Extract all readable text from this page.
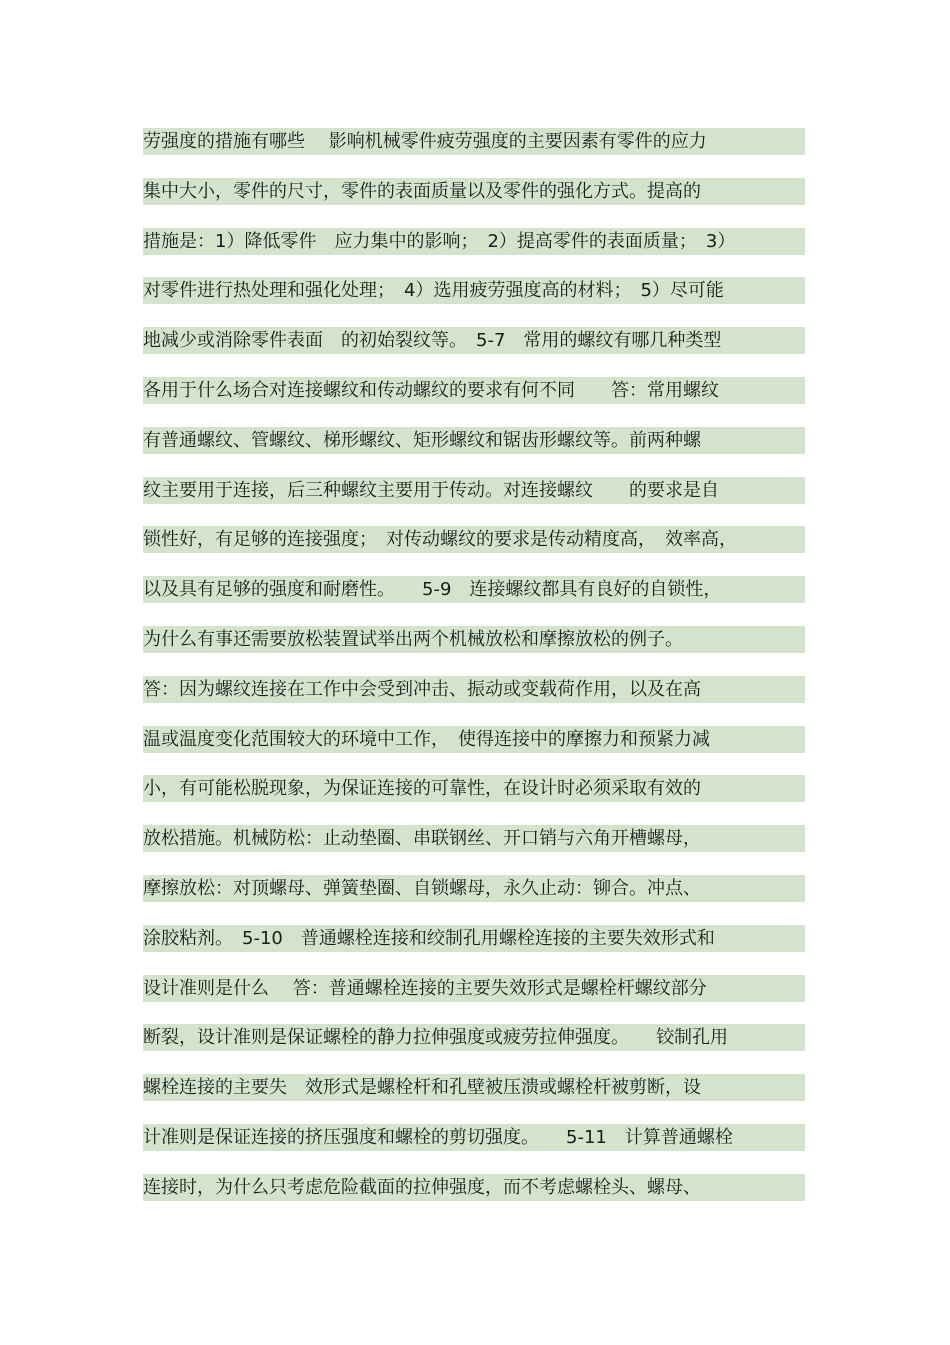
劳强度的措施有哪些　 影响机械零件疲劳强度的主要因素有零件的应力
集中大小，零件的尺寸，零件的表面质量以及零件的强化方式。提高的
措施是：1）降低零件　应力集中的影响；　2）提高零件的表面质量；　3）
对零件进行热处理和强化处理；　4）选用疲劳强度高的材料；　5）尽可能
地减少或消除零件表面　的初始裂纹等。　5-7　常用的螺纹有哪几种类型
各用于什么场合对连接螺纹和传动螺纹的要求有何不同　　答：常用螺纹
有普通螺纹、管螺纹、梯形螺纹、矩形螺纹和锯齿形螺纹等。前两种螺
纹主要用于连接，后三种螺纹主要用于传动。对连接螺纹　　的要求是自
锁性好，有足够的连接强度；　对传动螺纹的要求是传动精度高，　效率高，
以及具有足够的强度和耐磨性。　　5-9　连接螺纹都具有良好的自锁性，
为什么有事还需要放松装置试举出两个机械放松和摩擦放松的例子。
答：因为螺纹连接在工作中会受到冲击、振动或变载荷作用，以及在高
温或温度变化范围较大的环境中工作，　使得连接中的摩擦力和预紧力减
小，有可能松脱现象，为保证连接的可靠性，在设计时必须采取有效的
放松措施。机械防松：止动垫圈、串联钢丝、开口销与六角开槽螺母，
摩擦放松：对顶螺母、弹簧垫圈、自锁螺母，永久止动：铆合。冲点、
涂胶粘剂。　5-10　普通螺栓连接和绞制孔用螺栓连接的主要失效形式和
设计准则是什么　 答：普通螺栓连接的主要失效形式是螺栓杆螺纹部分
断裂，设计准则是保证螺栓的静力拉伸强度或疲劳拉伸强度。　　铰制孔用
螺栓连接的主要失　效形式是螺栓杆和孔壁被压溃或螺栓杆被剪断，设
计准则是保证连接的挤压强度和螺栓的剪切强度。　　5-11　计算普通螺栓
连接时，为什么只考虑危险截面的拉伸强度，而不考虑螺栓头、螺母、
